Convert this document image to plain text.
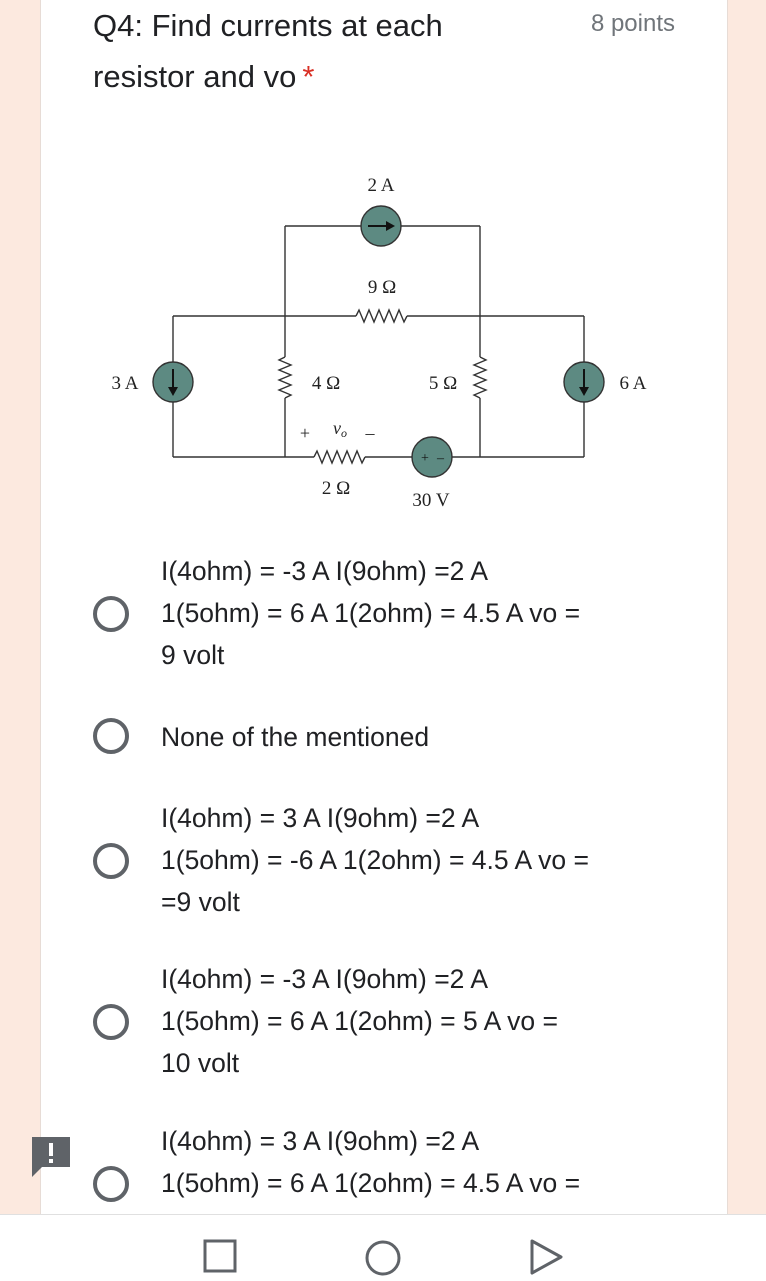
Q4: Find currents at each resistor and vo *
8 points
+ –
2 A
9 Ω
3 A	4 Ω	5 Ω	6 A
+ v o –
2 Ω
30 V
I(4ohm) = -3 A I(9ohm) =2 A
1(5ohm) = 6 A 1(2ohm) = 4.5 A vo =
9 volt
None of the mentioned
I(4ohm) = 3 A I(9ohm) =2 A
1(5ohm) = -6 A 1(2ohm) = 4.5 A vo =
=9 volt
I(4ohm) = -3 A I(9ohm) =2 A
1(5ohm) = 6 A 1(2ohm) = 5 A vo =
10 volt
I(4ohm) = 3 A I(9ohm) =2 A
1(5ohm) = 6 A 1(2ohm) = 4.5 A vo =
